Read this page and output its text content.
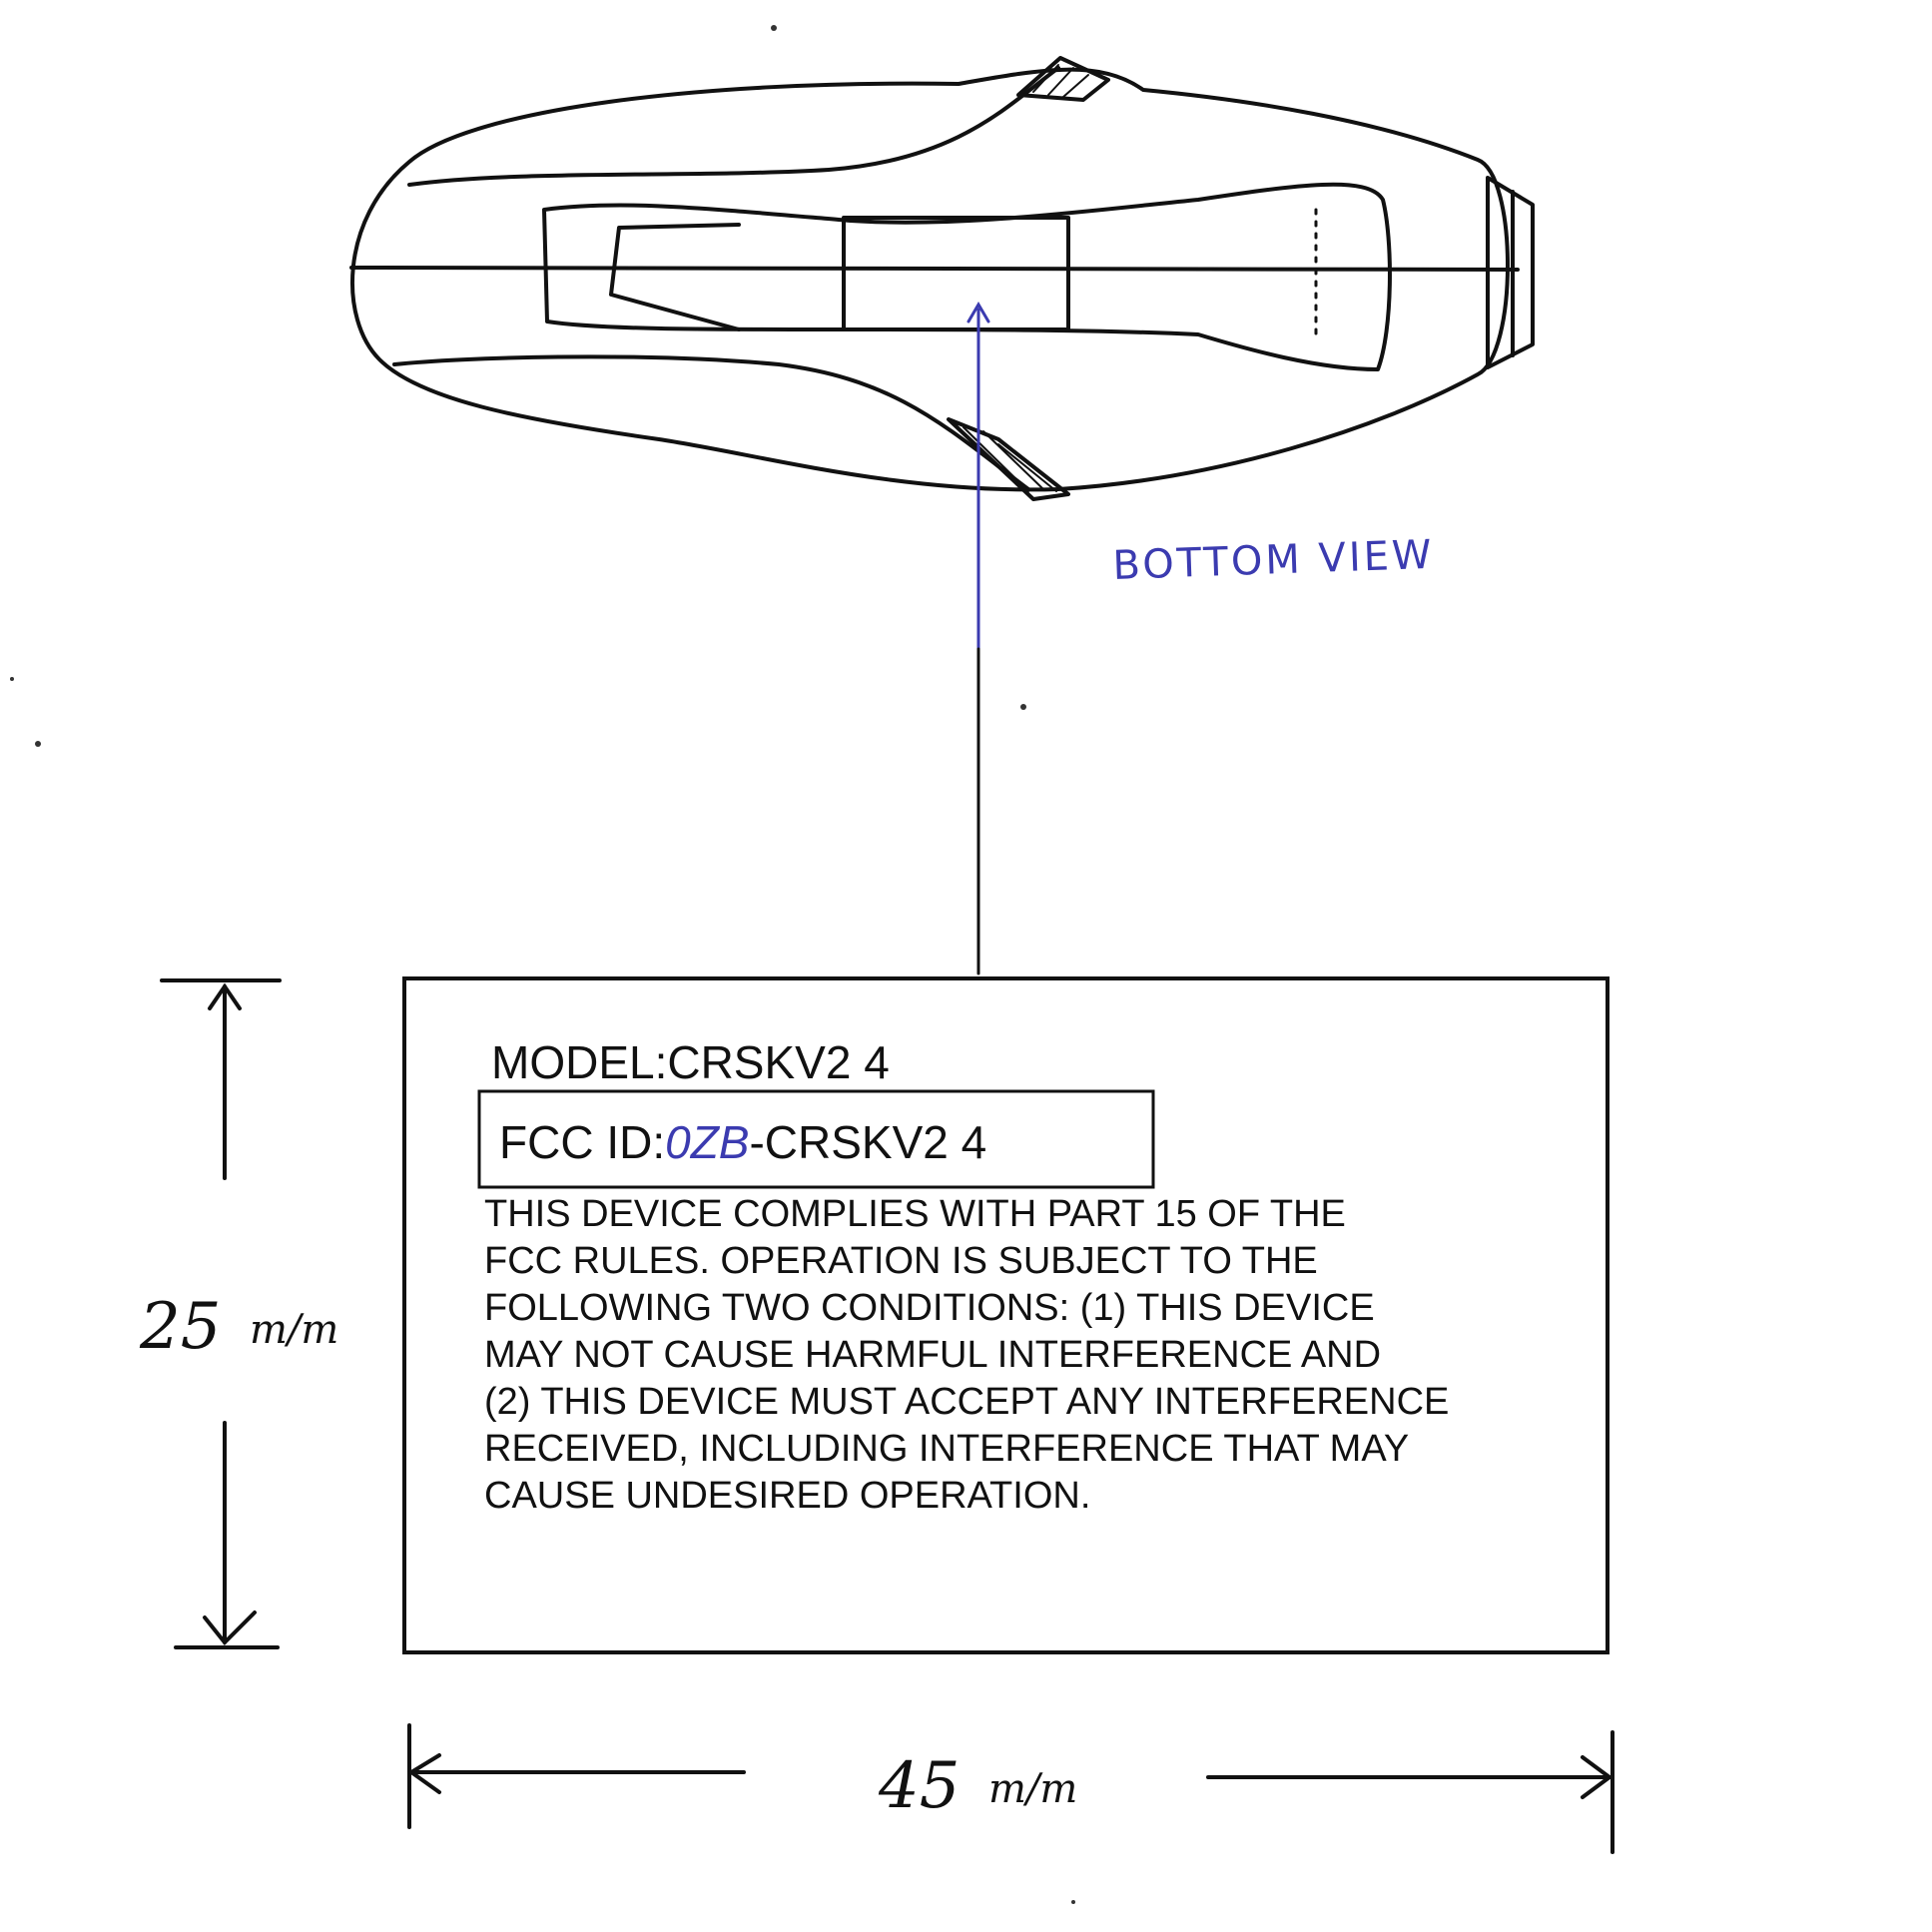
BOTTOM VIEW
MODEL:CRSKV2 4
FCC ID:0ZB-CRSKV2 4
THIS DEVICE COMPLIES WITH PART 15 OF THE
FCC RULES. OPERATION IS SUBJECT TO THE
FOLLOWING TWO CONDITIONS: (1) THIS DEVICE
MAY NOT CAUSE HARMFUL INTERFERENCE AND
(2) THIS DEVICE MUST ACCEPT ANY INTERFERENCE
RECEIVED, INCLUDING INTERFERENCE THAT MAY
CAUSE UNDESIRED OPERATION.
25 m/m
45 m/m
